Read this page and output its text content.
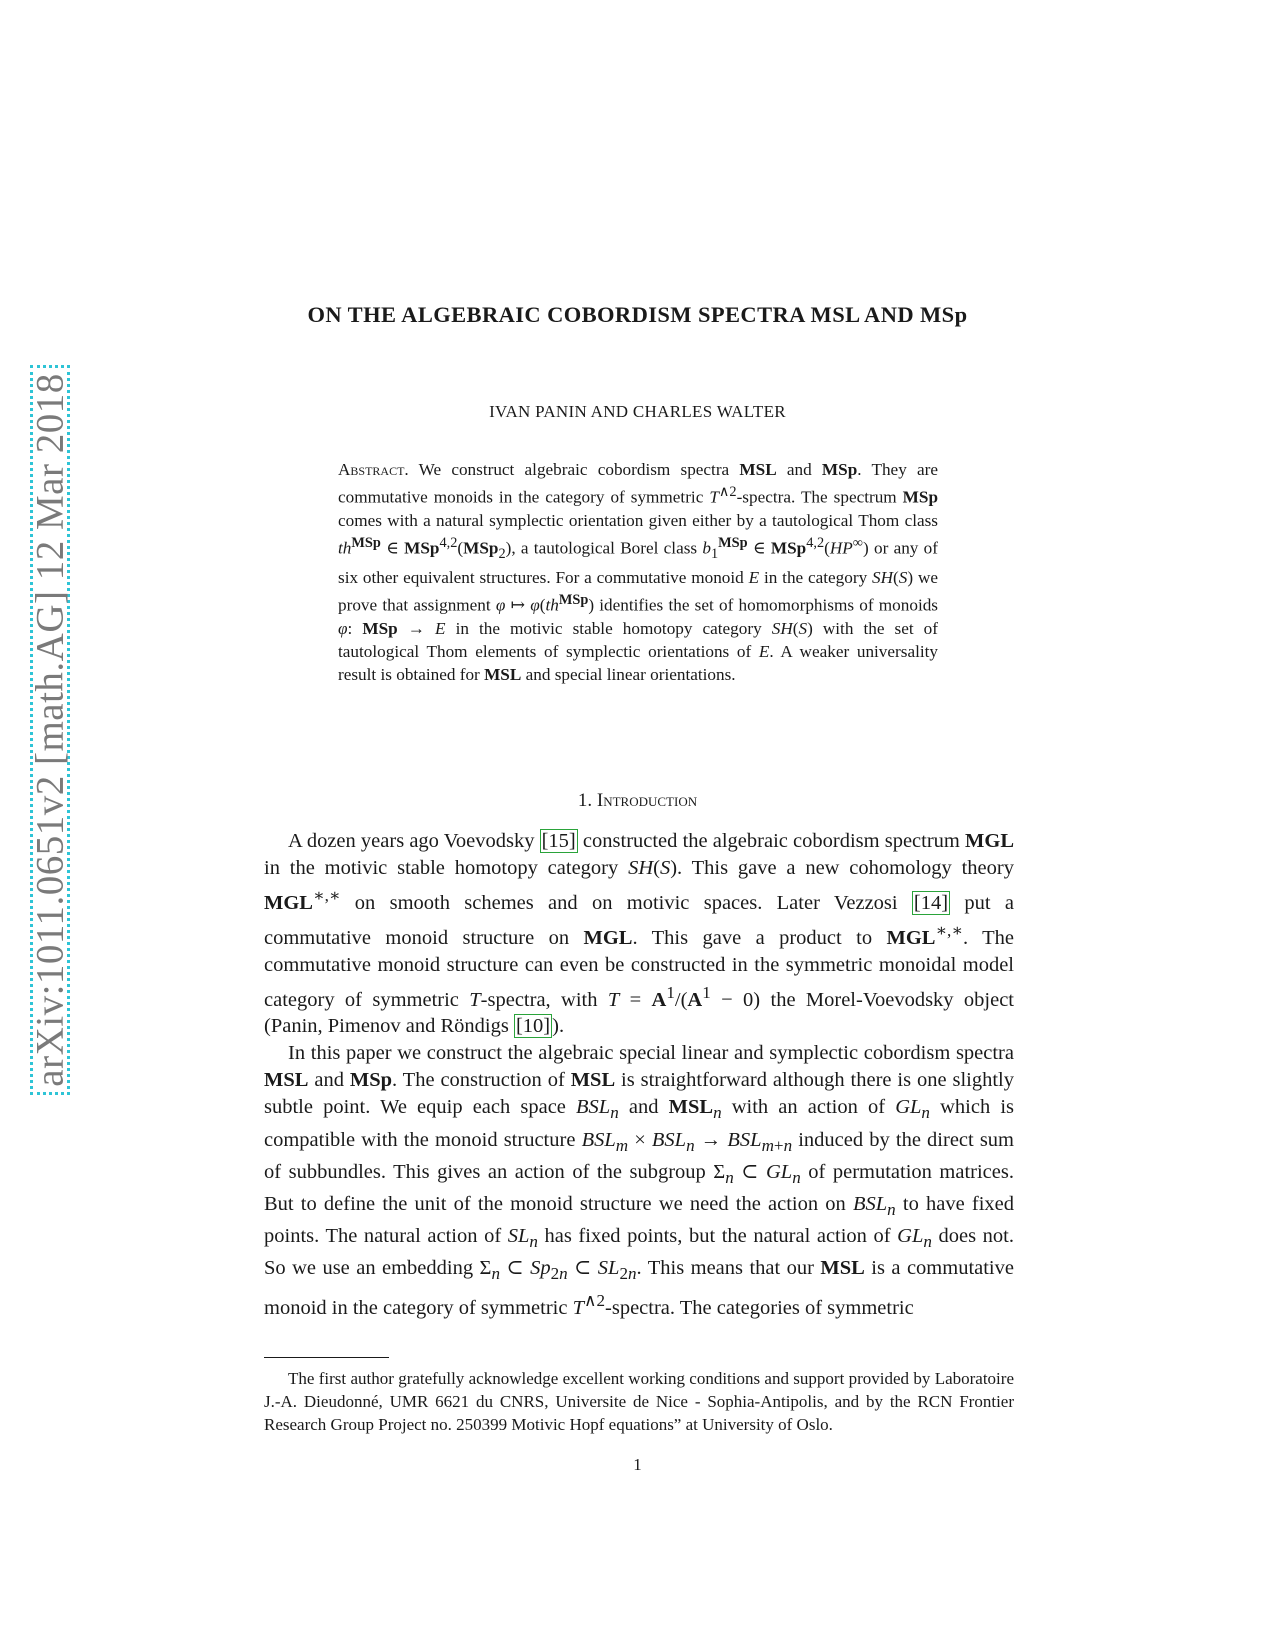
arXiv:1011.0651v2 [math.AG] 12 Mar 2018
ON THE ALGEBRAIC COBORDISM SPECTRA MSL AND MSp
IVAN PANIN AND CHARLES WALTER
Abstract. We construct algebraic cobordism spectra MSL and MSp. They are commutative monoids in the category of symmetric $T^{\wedge 2}$-spectra. The spectrum MSp comes with a natural symplectic orientation given either by a tautological Thom class $th^{MSp}$ ∈ MSp$^{4,2}$(MSp$_2$), a tautological Borel class $b_1^{MSp}$ ∈ MSp$^{4,2}$(HP∞) or any of six other equivalent structures. For a commutative monoid E in the category SH(S) we prove that assignment φ ↦ $\varphi(th^{MSp})$ identifies the set of homomorphisms of monoids φ: MSp → E in the motivic stable homotopy category SH(S) with the set of tautological Thom elements of symplectic orientations of E. A weaker universality result is obtained for MSL and special linear orientations.
1. Introduction

A dozen years ago Voevodsky [15] constructed the algebraic cobordism spectrum MGL in the motivic stable homotopy category SH(S). This gave a new cohomology theory MGL∗,∗ on smooth schemes and on motivic spaces. Later Vezzosi [14] put a commutative monoid structure on MGL. This gave a product to MGL∗,∗. The commutative monoid structure can even be constructed in the symmetric monoidal model category of symmetric T-spectra, with $T = A^1/(A^1 - 0)$ the Morel-Voevodsky object (Panin, Pimenov and Röndigs [10]).

In this paper we construct the algebraic special linear and symplectic cobordism spectra MSL and MSp. The construction of MSL is straightforward although there is one slightly subtle point. We equip each space $BSL_n$ and $MSL_n$ with an action of $GL_n$ which is compatible with the monoid structure $BSL_m \times BSL_n \to BSL_{m+n}$ induced by the direct sum of subbundles. This gives an action of the subgroup $\Sigma_n$ ⊂ $GL_n$ of permutation matrices. But to define the unit of the monoid structure we need the action on $BSL_n$ to have fixed points. The natural action of $SL_n$ has fixed points, but the natural action of $GL_n$ does not. So we use an embedding $\Sigma_n$ ⊂ $Sp_{2n}$ ⊂ $SL_{2n}$. This means that our MSL is a commutative monoid in the category of symmetric $T^{\wedge 2}$-spectra. The categories of symmetric

The first author gratefully acknowledge excellent working conditions and support provided by Laboratoire J.-A. Dieudonné, UMR 6621 du CNRS, Universite de Nice - Sophia-Antipolis, and by the RCN Frontier Research Group Project no. 250399 Motivic Hopf equations” at University of Oslo.
1
